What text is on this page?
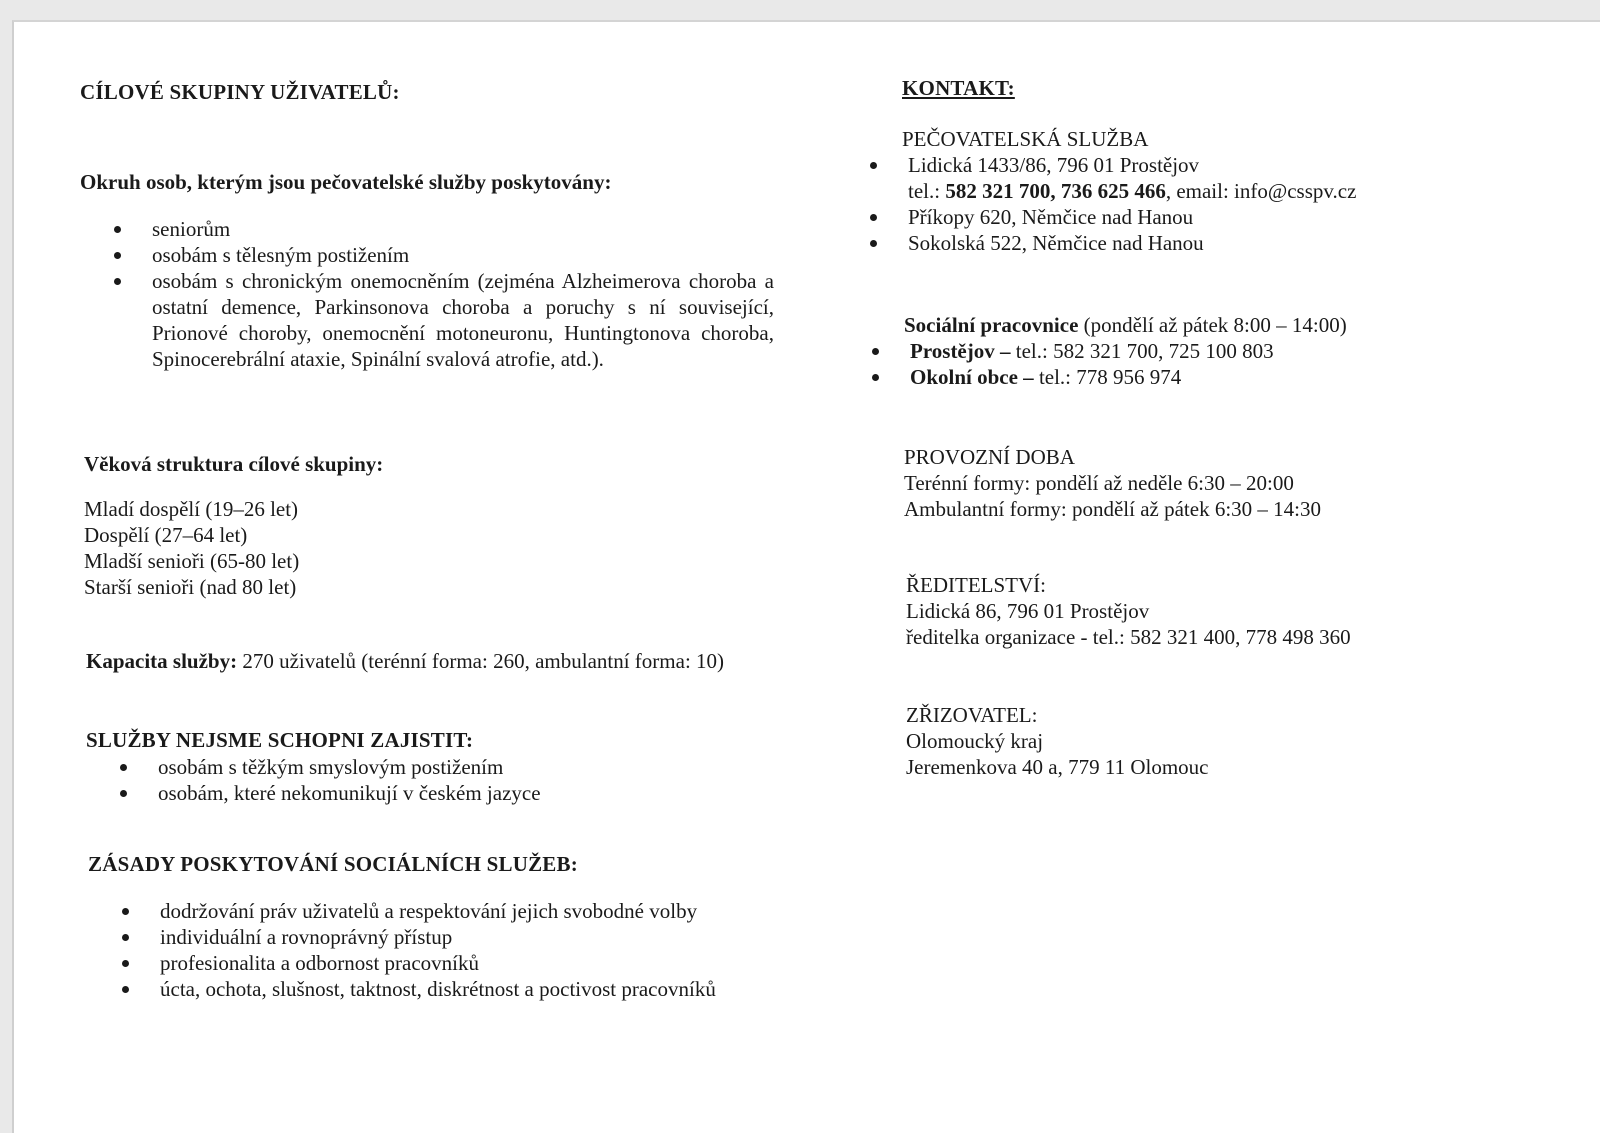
CÍLOVÉ SKUPINY UŽIVATELŮ:
Okruh osob, kterým jsou pečovatelské služby poskytovány:
seniorům
osobám s tělesným postižením
osobám s chronickým onemocněním (zejména Alzheimerova choroba a ostatní demence, Parkinsonova choroba a poruchy s ní související, Prionové choroby, onemocnění motoneuronu, Huntingtonova choroba, Spinocerebrální ataxie, Spinální svalová atrofie, atd.).
Věková struktura cílové skupiny:
Mladí dospělí (19–26 let)
Dospělí (27–64 let)
Mladší senioři (65-80 let)
Starší senioři (nad 80 let)
Kapacita služby: 270 uživatelů (terénní forma: 260, ambulantní forma: 10)
SLUŽBY NEJSME SCHOPNI ZAJISTIT:
osobám s těžkým smyslovým postižením
osobám, které nekomunikují v českém jazyce
ZÁSADY POSKYTOVÁNÍ SOCIÁLNÍCH SLUŽEB:
dodržování práv uživatelů a respektování jejich svobodné volby
individuální a rovnoprávný přístup
profesionalita a odbornost pracovníků
úcta, ochota, slušnost, taktnost, diskrétnost a poctivost pracovníků
KONTAKT:
PEČOVATELSKÁ SLUŽBA
Lidická 1433/86, 796 01 Prostějov
tel.: 582 321 700, 736 625 466, email: info@csspv.cz
Příkopy 620, Němčice nad Hanou
Sokolská 522, Němčice nad Hanou
Sociální pracovnice (pondělí až pátek 8:00 – 14:00)
Prostějov – tel.: 582 321 700, 725 100 803
Okolní obce – tel.: 778 956 974
PROVOZNÍ DOBA
Terénní formy: pondělí až neděle 6:30 – 20:00
Ambulantní formy: pondělí až pátek 6:30 – 14:30
ŘEDITELSTVÍ:
Lidická 86, 796 01 Prostějov
ředitelka organizace - tel.: 582 321 400, 778 498 360
ZŘIZOVATEL:
Olomoucký kraj
Jeremenkova 40 a, 779 11 Olomouc
